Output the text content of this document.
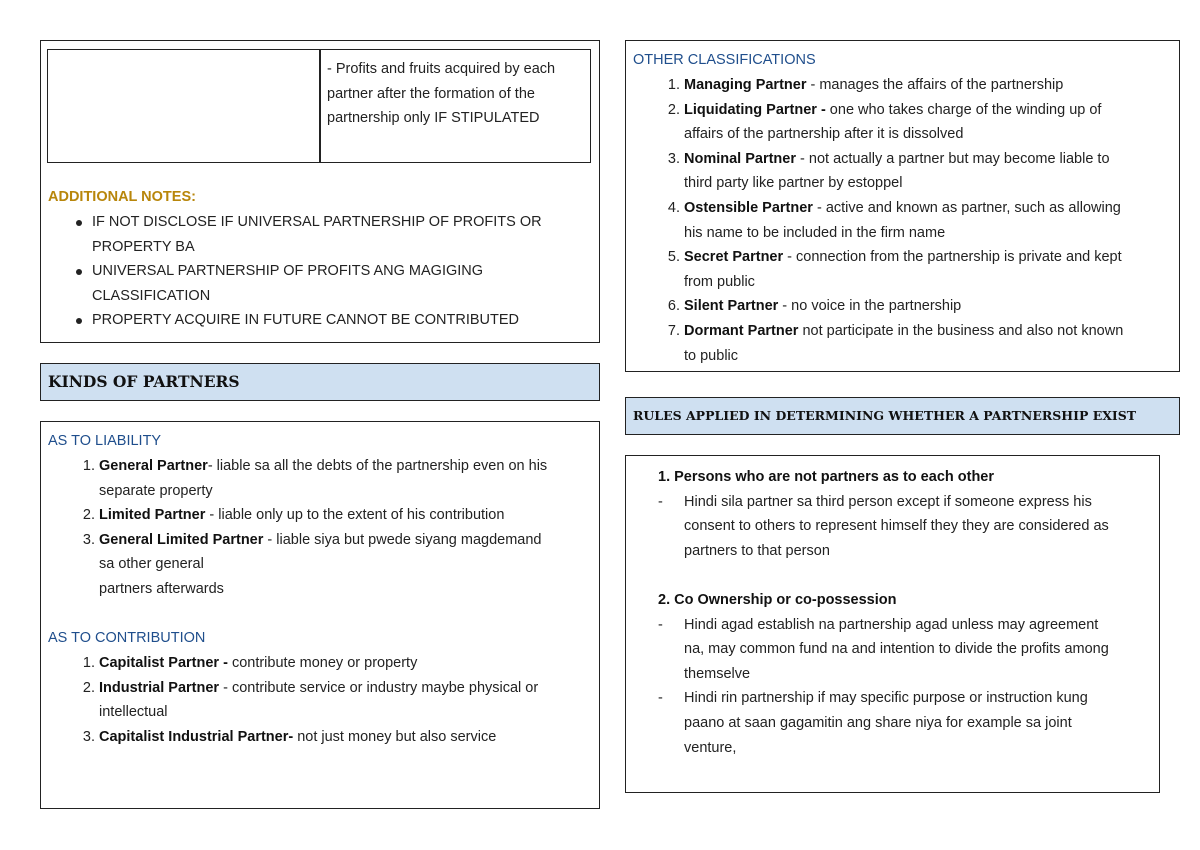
- Profits and fruits acquired by each
partner after the formation of the
partnership only IF STIPULATED
ADDITIONAL NOTES:
IF NOT DISCLOSE IF UNIVERSAL PARTNERSHIP OF PROFITS OR
PROPERTY BA
UNIVERSAL PARTNERSHIP OF PROFITS ANG MAGIGING
CLASSIFICATION
PROPERTY ACQUIRE IN FUTURE CANNOT BE CONTRIBUTED
KINDS OF PARTNERS
AS TO LIABILITY
1. General Partner- liable sa all the debts of the partnership even on his
separate property
2. Limited Partner - liable only up to the extent of his contribution
3. General Limited Partner - liable siya but pwede siyang magdemand
sa other general
partners afterwards
AS TO CONTRIBUTION
1. Capitalist Partner - contribute money or property
2. Industrial Partner - contribute service or industry maybe physical or
intellectual
3. Capitalist Industrial Partner- not just money but also service
OTHER CLASSIFICATIONS
1. Managing Partner - manages the affairs of the partnership
2. Liquidating Partner - one who takes charge of the winding up of
affairs of the partnership after it is dissolved
3. Nominal Partner - not actually a partner but may become liable to
third party like partner by estoppel
4. Ostensible Partner - active and known as partner, such as allowing
his name to be included in the firm name
5. Secret Partner - connection from the partnership is private and kept
from public
6. Silent Partner - no voice in the partnership
7. Dormant Partner not participate in the business and also not known
to public
RULES APPLIED IN DETERMINING WHETHER A PARTNERSHIP EXIST
1. Persons who are not partners as to each other
- Hindi sila partner sa third person except if someone express his
consent to others to represent himself they they are considered as
partners to that person

2. Co Ownership or co-possession
- Hindi agad establish na partnership agad unless may agreement
na, may common fund na and intention to divide the profits among
themselve
- Hindi rin partnership if may specific purpose or instruction kung
paano at saan gagamitin ang share niya for example sa joint
venture,
